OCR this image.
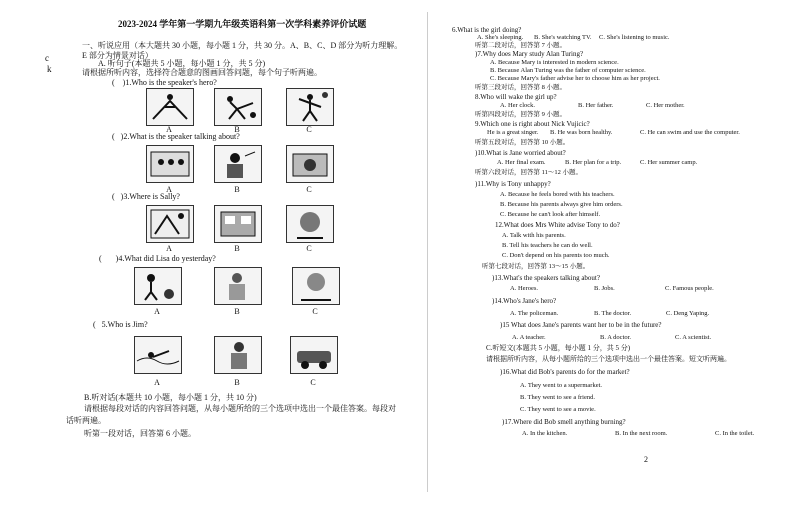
2023-2024 学年第一学期九年级英语科第一次学科素养评价试题
一、听说应用（本大题共 30 小题，每小题 1 分，共 30 分。A、B、C、D 部分为听力理解。
E 部分为情景对话）
A. 听句子(本题共 5 小题，每小题 1 分，共 5 分)
请根据所听内容，选择符合题意的图画回答问题，每个句子听两遍。
c
k
(    )1.Who is the speaker's hero?
A	B	C
(   )2.What is the speaker talking about?
A	B	C
(   )3.Where is Sally?
A	B	C
(       )4.What did Lisa do yesterday?
A	B	C
(   5.Who is Jim?
A	B	C
B.听对话(本题共 10 小题，每小题 1 分，共 10 分)
请根据每段对话的内容回答问题，从每小题所给的三个选项中选出一个最佳答案。每段对
话听两遍。
听第一段对话，回答第 6 小题。
6.What is the girl doing?
A. She's sleeping. B. She's watching TV. C. She's listening to music.
听第二段对话，回答第 7 小题。
)7.Why does Mary study Alan Turing?
A. Because Mary is interested in modern science.
B. Because Alan Turing was the father of computer science.
C. Because Mary's father advise her to choose him as her project.
听第三段对话，回答第 8 小题。
8.Who will wake the girl up?
A. Her clock.	B. Her father.	C. Her mother.
听第四段对话，回答第 9 小题。
9.Which one is right about Nick Vujicic?
He is a great singer. B. He was born healthy.	C. He can swim and use the computer.
听第五段对话，回答第 10 小题。
)10.What is Jane worried about?
A. Her final exam.	B. Her plan for a trip.	C. Her summer camp.
听第六段对话，回答第 11～12 小题。
)11.Why is Tony unhappy?
A. Because he feels bored with his teachers.
B. Because his parents always give him orders.
C. Because he can't look after himself.
12.What does Mrs White advise Tony to do?
A. Talk with his parents.
B. Tell his teachers he can do well.
C. Don't depend on his parents too much.
听第七段对话，回答第 13～15 小题。
)13.What's the speakers talking about?
A. Heroes.	B. Jobs.	C. Famous people.
)14.Who's Jane's hero?
A. The policeman.	B. The doctor.	C. Deng Yaping.
)15 What does Jane's parents want her to be in the future?
A. A teacher.	B. A doctor.	C. A scientist.
C.听短文(本题共 5 小题，每小题 1 分，共 5 分)
请根据所听内容，从每小题所给的三个选项中选出一个最佳答案。短文听两遍。
)16.What did Bob's parents do for the market?
A. They went to a supermarket.
B. They went to see a friend.
C. They went to see a movie.
)17.Where did Bob smell anything burning?
A. In the kitchen.	B. In the next room.	C. In the toilet.
2
